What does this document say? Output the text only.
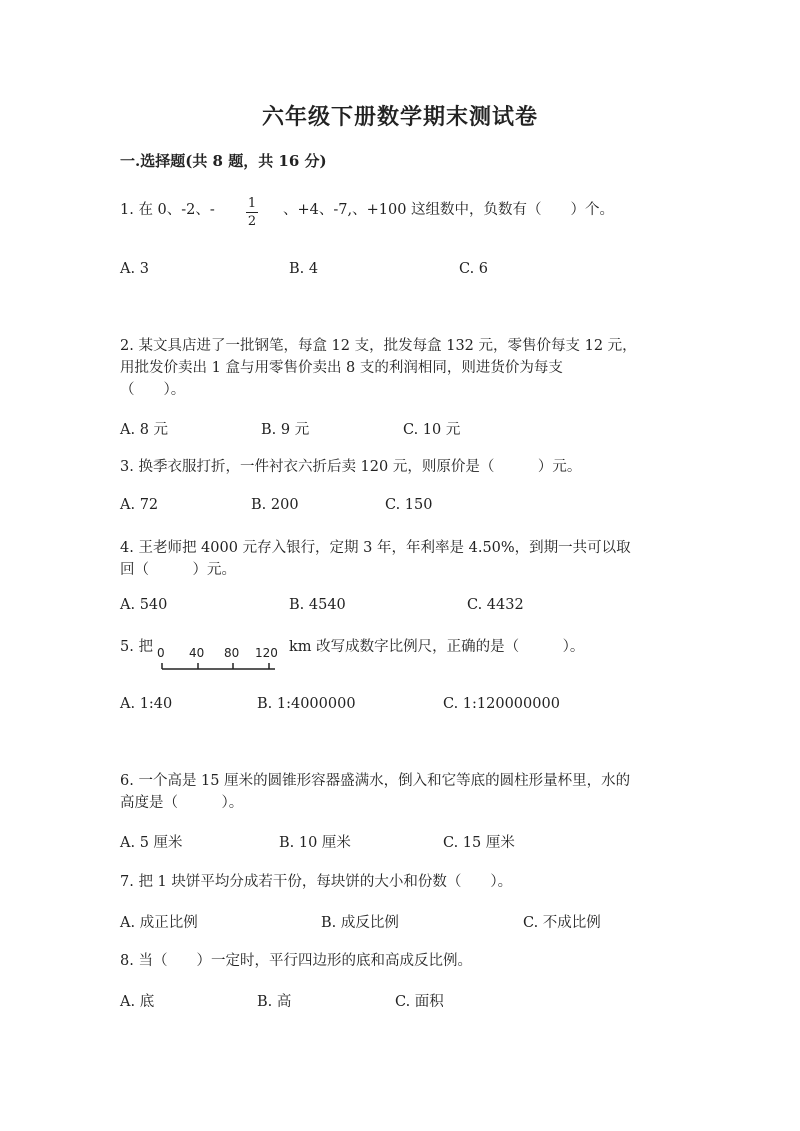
六年级下册数学期末测试卷
一.选择题(共 8 题，共 16 分)
1. 在 0、-2、-	1
2
、+4、-7,、+100 这组数中，负数有（　　）个。
A. 3	B. 4	C. 6
2. 某文具店进了一批钢笔，每盒 12 支，批发每盒 132 元，零售价每支 12 元，
用批发价卖出 1 盒与用零售价卖出 8 支的利润相同，则进货价为每支
（　　）。
A. 8 元	B. 9 元	C. 10 元
3. 换季衣服打折，一件衬衣六折后卖 120 元，则原价是（　　　）元。
A. 72	B. 200	C. 150
4. 王老师把 4000 元存入银行，定期 3 年，年利率是 4.50%，到期一共可以取
回（　　　）元。
A. 540	B. 4540	C. 4432
5. 把 0 40 80 120 km 改写成数字比例尺，正确的是（　　　）。
A. 1:40	B. 1:4000000	C. 1:120000000
6. 一个高是 15 厘米的圆锥形容器盛满水，倒入和它等底的圆柱形量杯里，水的
高度是（　　　）。
A. 5 厘米	B. 10 厘米	C. 15 厘米
7. 把 1 块饼平均分成若干份，每块饼的大小和份数（　　）。
A. 成正比例	B. 成反比例	C. 不成比例
8. 当（　　）一定时，平行四边形的底和高成反比例。
A. 底	B. 高	C. 面积
